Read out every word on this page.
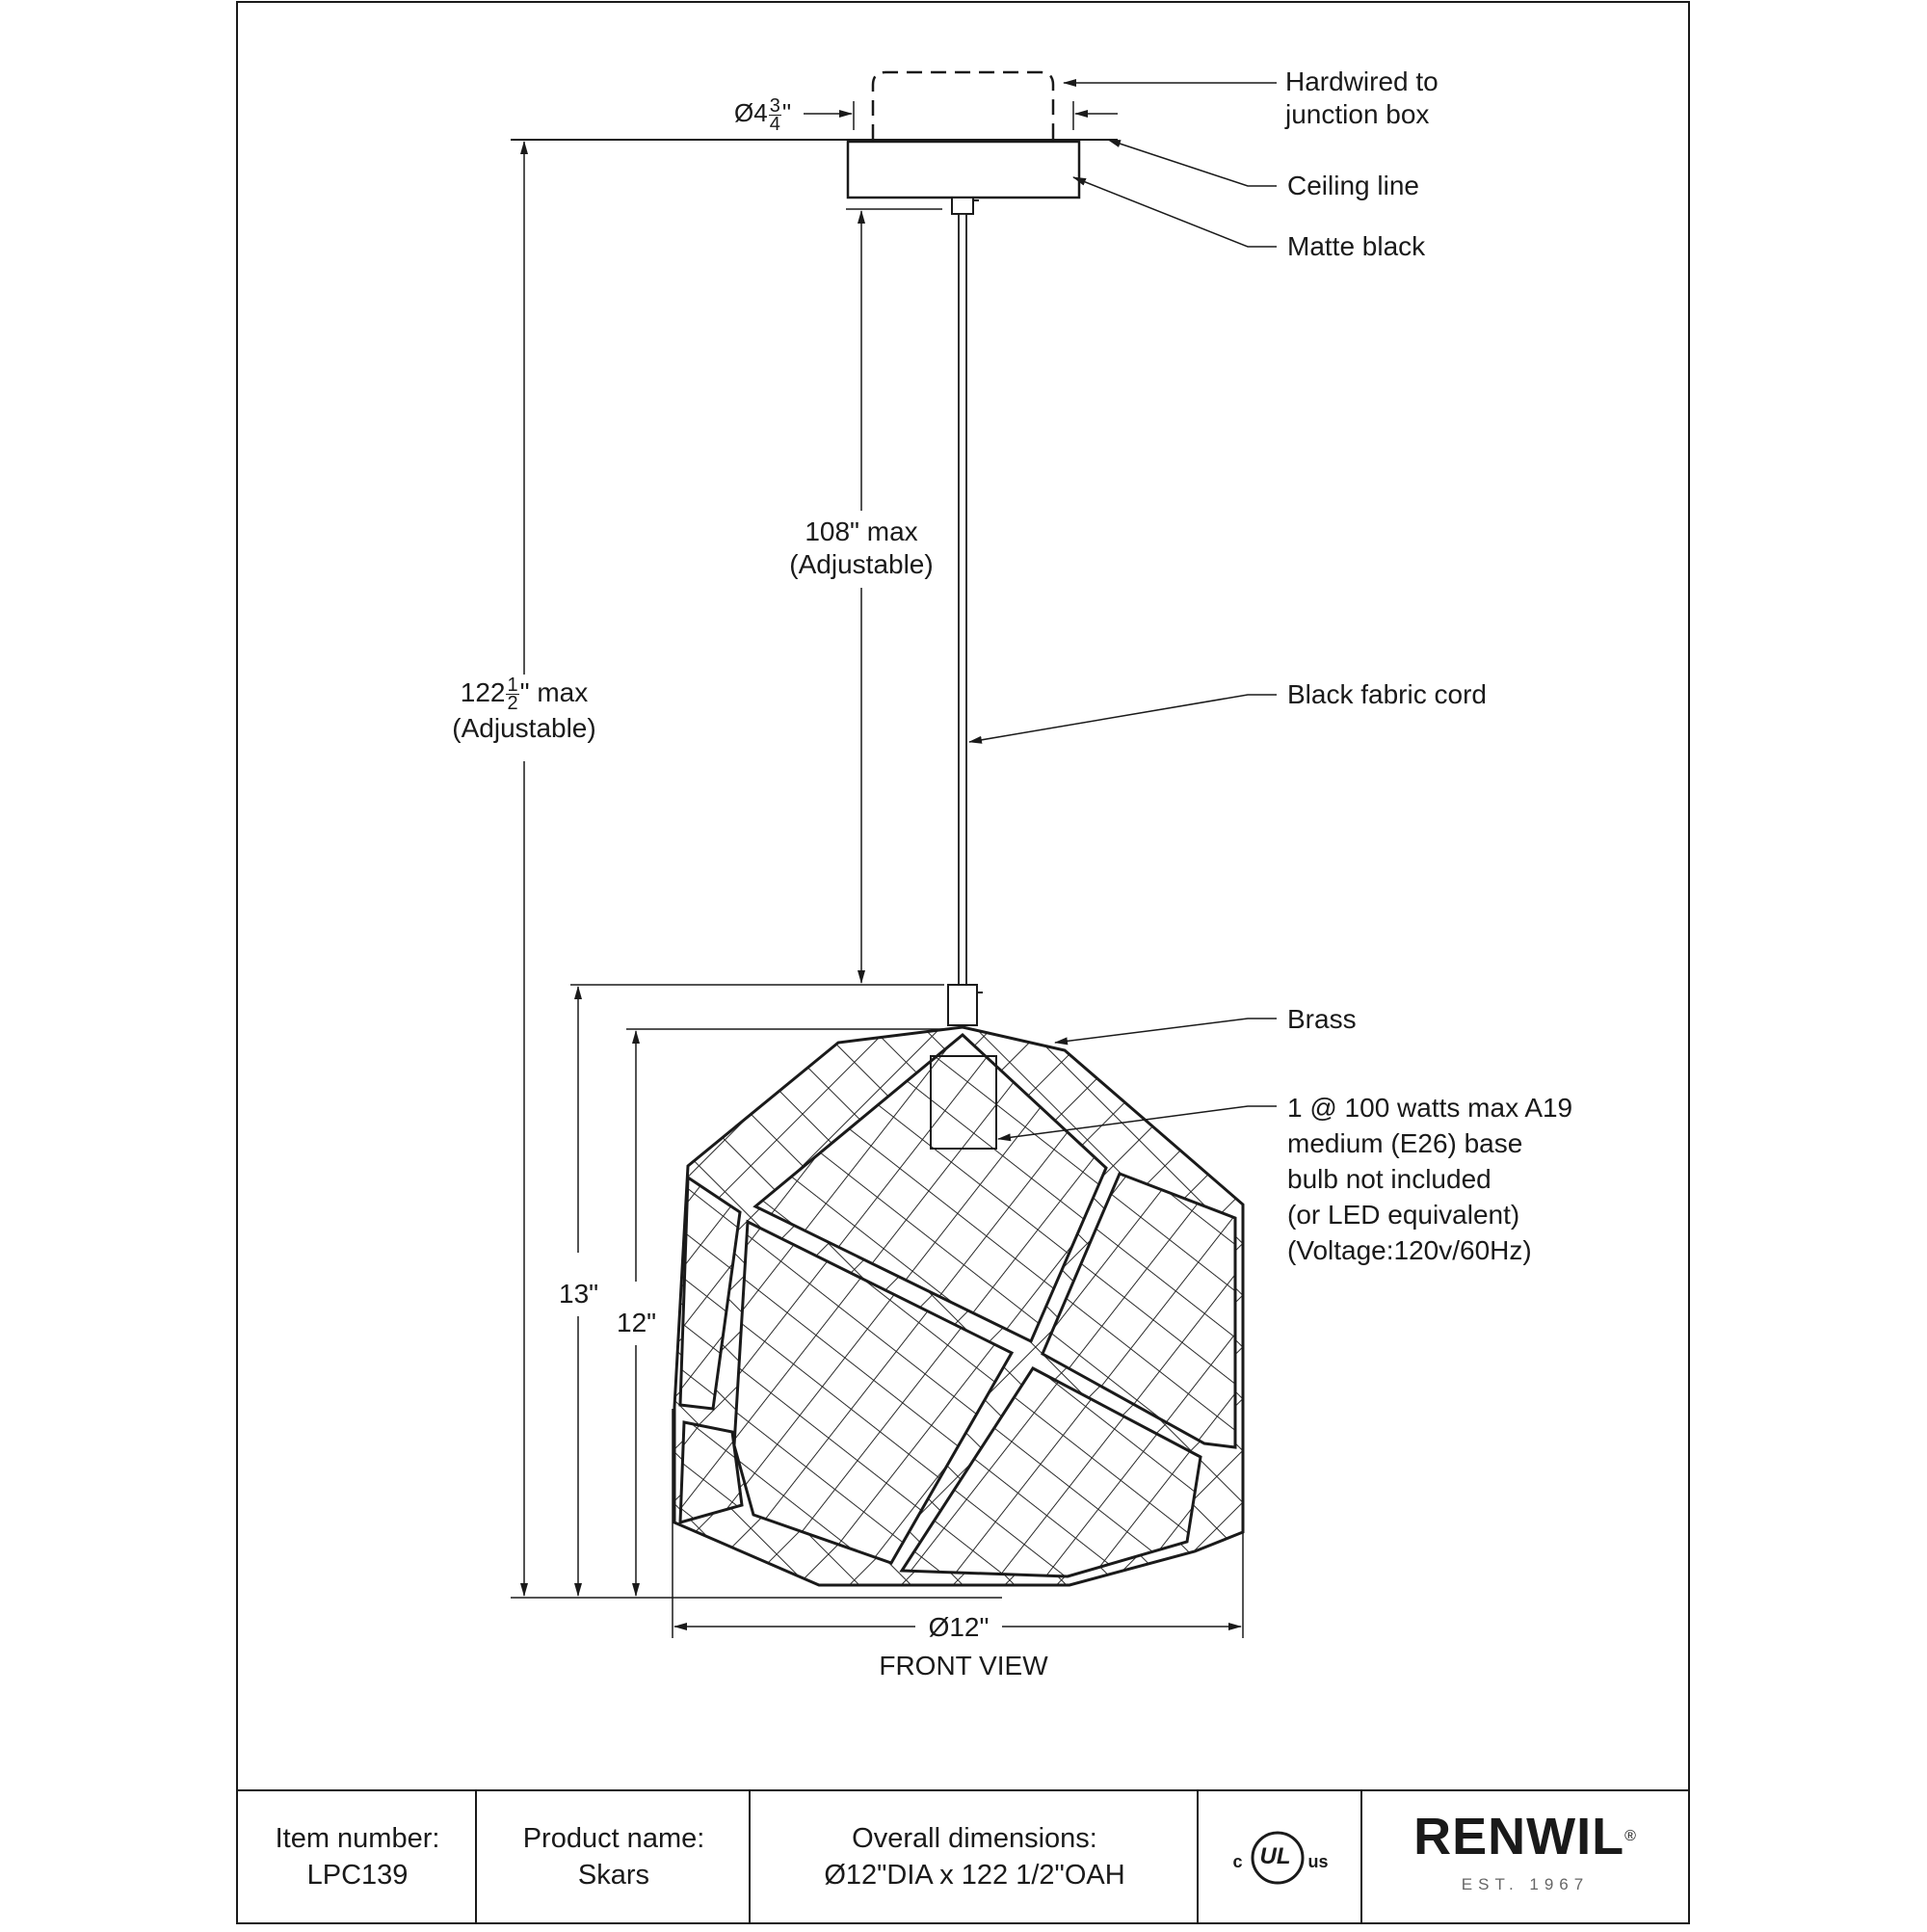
Hardwired to
junction box
Ceiling line
Matte black
Black fabric cord
Brass
1 @ 100 watts max A19
medium (E26) base
bulb not included
(or LED equivalent)
(Voltage:120v/60Hz)
Ø4 $\frac{3}{4}$ "
108" max
(Adjustable)
$122 \frac{1}{2}$ " max
(Adjustable)
13"
12"
Ø12"
FRONT VIEW
Item number:
LPC139
Product name:
Skars
Overall dimensions:
Ø12"DIA x 122 1/2"OAH	c UL	us RENWIL®
EST. 1967
